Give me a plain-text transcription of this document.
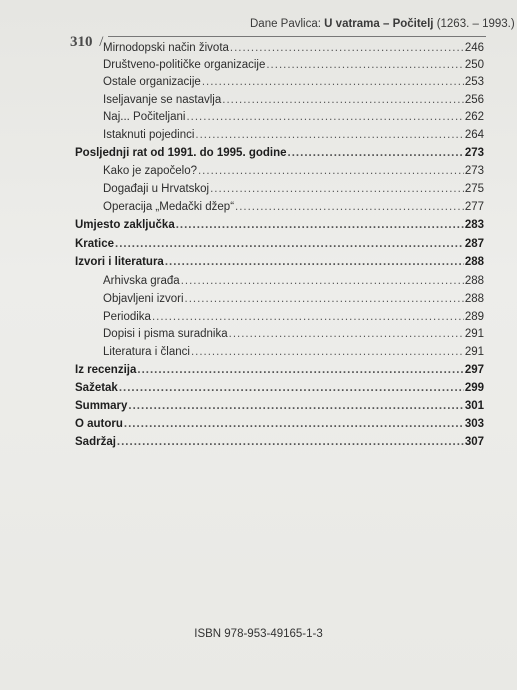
310 /
Dane Pavlica: U vatrama – Počitelj (1263. – 1993.)
Mirnodopski način života .....	246
Društveno-političke organizacije .....	250
Ostale organizacije .....	253
Iseljavanje se nastavlja .....	256
Naj... Počiteljani .....	262
Istaknuti pojedinci .....	264
Posljednji rat od 1991. do 1995. godine .....	273
Kako je započelo? .....	273
Događaji u Hrvatskoj .....	275
Operacija „Medački džep“ .....	277
Umjesto zaključka .....	283
Kratice .....	287
Izvori i literatura .....	288
Arhivska građa .....	288
Objavljeni izvori .....	288
Periodika .....	289
Dopisi i pisma suradnika .....	291
Literatura i članci .....	291
Iz recenzija .....	297
Sažetak .....	299
Summary .....	301
O autoru .....	303
Sadržaj .....	307
ISBN 978-953-49165-1-3
